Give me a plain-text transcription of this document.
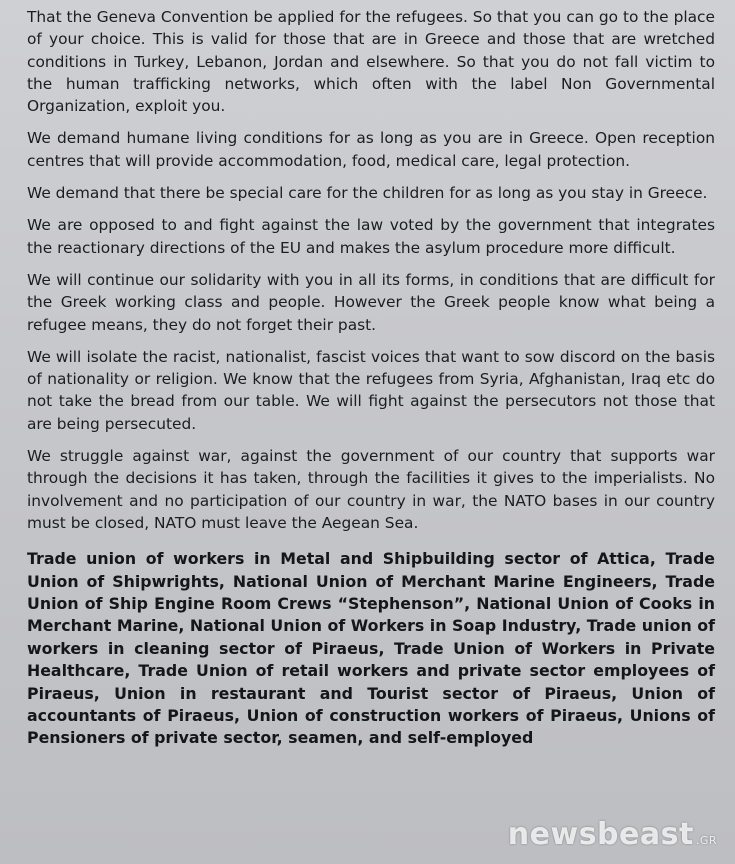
That the Geneva Convention be applied for the refugees. So that you can go to the place of your choice. This is valid for those that are in Greece and those that are wretched conditions in Turkey, Lebanon, Jordan and elsewhere. So that you do not fall victim to the human trafficking networks, which often with the label Non Governmental Organization, exploit you.

We demand humane living conditions for as long as you are in Greece. Open reception centres that will provide accommodation, food, medical care, legal protection.

We demand that there be special care for the children for as long as you stay in Greece.

We are opposed to and fight against the law voted by the government that integrates the reactionary directions of the EU and makes the asylum procedure more difficult.

We will continue our solidarity with you in all its forms, in conditions that are difficult for the Greek working class and people. However the Greek people know what being a refugee means, they do not forget their past.

We will isolate the racist, nationalist, fascist voices that want to sow discord on the basis of nationality or religion. We know that the refugees from Syria, Afghanistan, Iraq etc do not take the bread from our table. We will fight against the persecutors not those that are being persecuted.

We struggle against war, against the government of our country that supports war through the decisions it has taken, through the facilities it gives to the imperialists. No involvement and no participation of our country in war, the NATO bases in our country must be closed, NATO must leave the Aegean Sea.

Trade union of workers in Metal and Shipbuilding sector of Attica, Trade Union of Shipwrights, National Union of Merchant Marine Engineers, Trade Union of Ship Engine Room Crews “Stephenson”, National Union of Cooks in Merchant Marine, National Union of Workers in Soap Industry, Trade union of workers in cleaning sector of Piraeus, Trade Union of Workers in Private Healthcare, Trade Union of retail workers and private sector employees of Piraeus, Union in restaurant and Tourist sector of Piraeus, Union of accountants of Piraeus, Union of construction workers of Piraeus, Unions of Pensioners of private sector, seamen, and self-employed

newsbeast .GR
